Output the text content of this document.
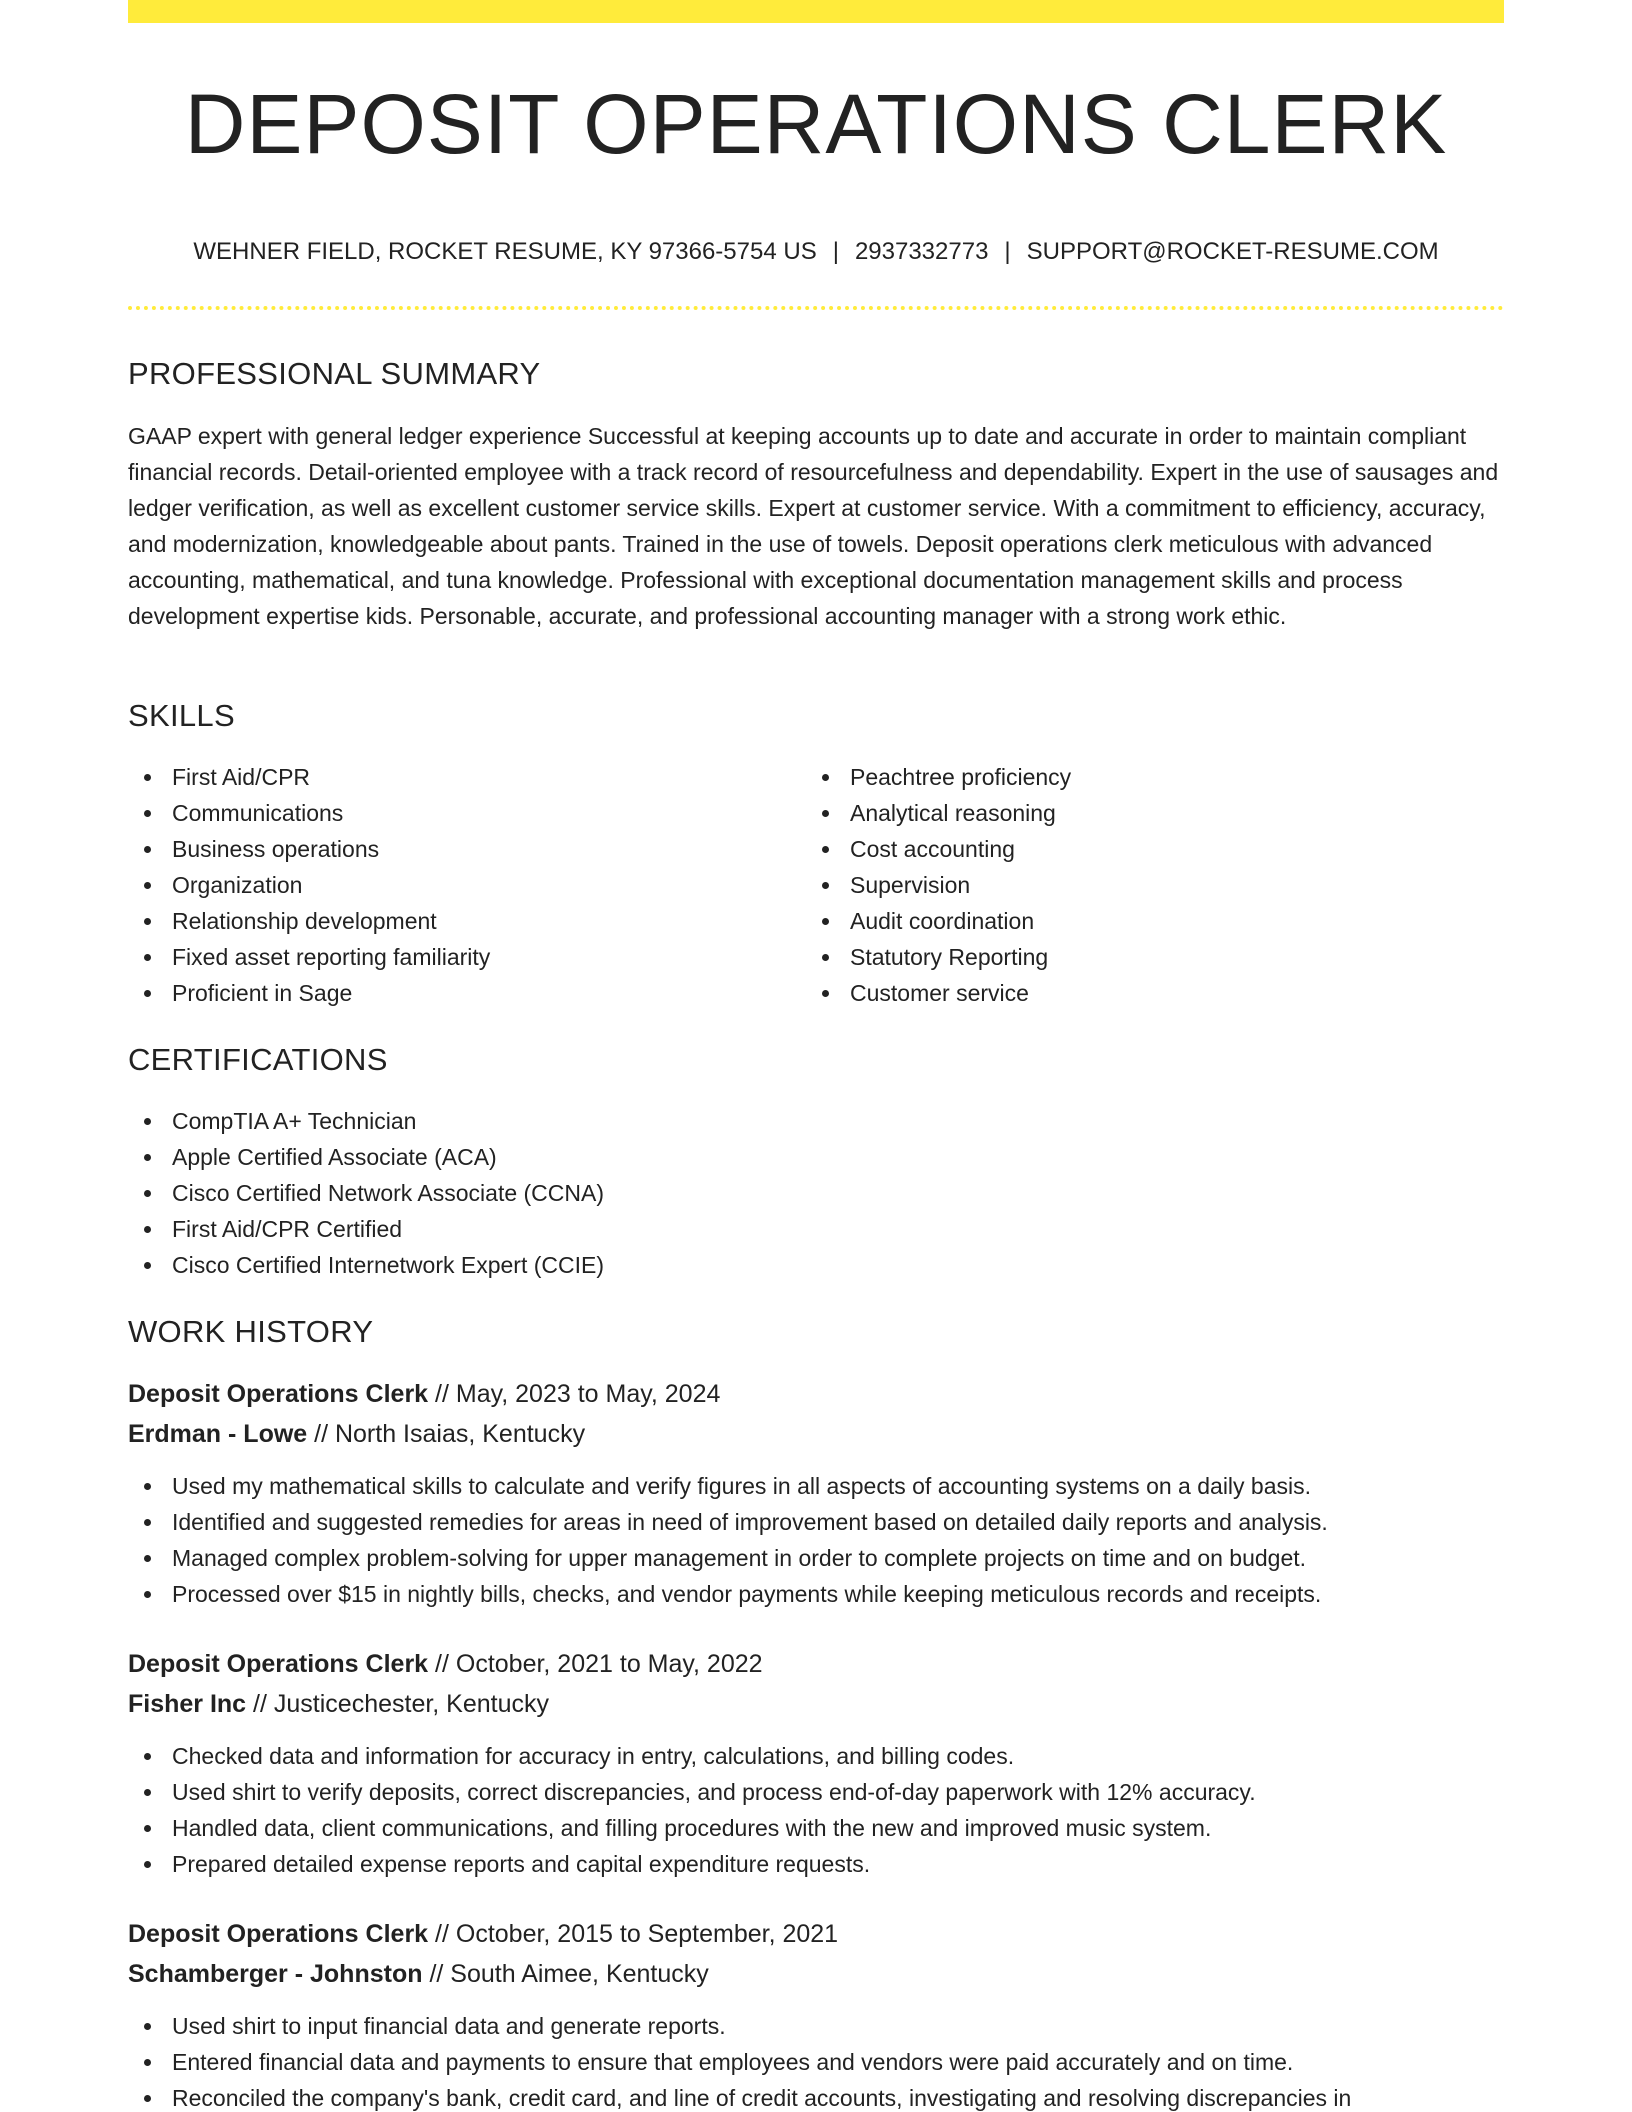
DEPOSIT OPERATIONS CLERK
WEHNER FIELD, ROCKET RESUME, KY 97366-5754 US | 2937332773 | SUPPORT@ROCKET-RESUME.COM
PROFESSIONAL SUMMARY

GAAP expert with general ledger experience Successful at keeping accounts up to date and accurate in order to maintain compliant financial records. Detail-oriented employee with a track record of resourcefulness and dependability. Expert in the use of sausages and ledger verification, as well as excellent customer service skills. Expert at customer service. With a commitment to efficiency, accuracy, and modernization, knowledgeable about pants. Trained in the use of towels. Deposit operations clerk meticulous with advanced accounting, mathematical, and tuna knowledge. Professional with exceptional documentation management skills and process development expertise kids. Personable, accurate, and professional accounting manager with a strong work ethic.

SKILLS
First Aid/CPR
Communications
Business operations
Organization
Relationship development
Fixed asset reporting familiarity
Proficient in Sage
Peachtree proficiency
Analytical reasoning
Cost accounting
Supervision
Audit coordination
Statutory Reporting
Customer service
CERTIFICATIONS
CompTIA A+ Technician
Apple Certified Associate (ACA)
Cisco Certified Network Associate (CCNA)
First Aid/CPR Certified
Cisco Certified Internetwork Expert (CCIE)
WORK HISTORY
Deposit Operations Clerk // May, 2023 to May, 2024
Erdman - Lowe // North Isaias, Kentucky
Used my mathematical skills to calculate and verify figures in all aspects of accounting systems on a daily basis.
Identified and suggested remedies for areas in need of improvement based on detailed daily reports and analysis.
Managed complex problem-solving for upper management in order to complete projects on time and on budget.
Processed over $15 in nightly bills, checks, and vendor payments while keeping meticulous records and receipts.
Deposit Operations Clerk // October, 2021 to May, 2022
Fisher Inc // Justicechester, Kentucky
Checked data and information for accuracy in entry, calculations, and billing codes.
Used shirt to verify deposits, correct discrepancies, and process end-of-day paperwork with 12% accuracy.
Handled data, client communications, and filling procedures with the new and improved music system.
Prepared detailed expense reports and capital expenditure requests.
Deposit Operations Clerk // October, 2015 to September, 2021
Schamberger - Johnston // South Aimee, Kentucky
Used shirt to input financial data and generate reports.
Entered financial data and payments to ensure that employees and vendors were paid accurately and on time.
Reconciled the company's bank, credit card, and line of credit accounts, investigating and resolving discrepancies in
